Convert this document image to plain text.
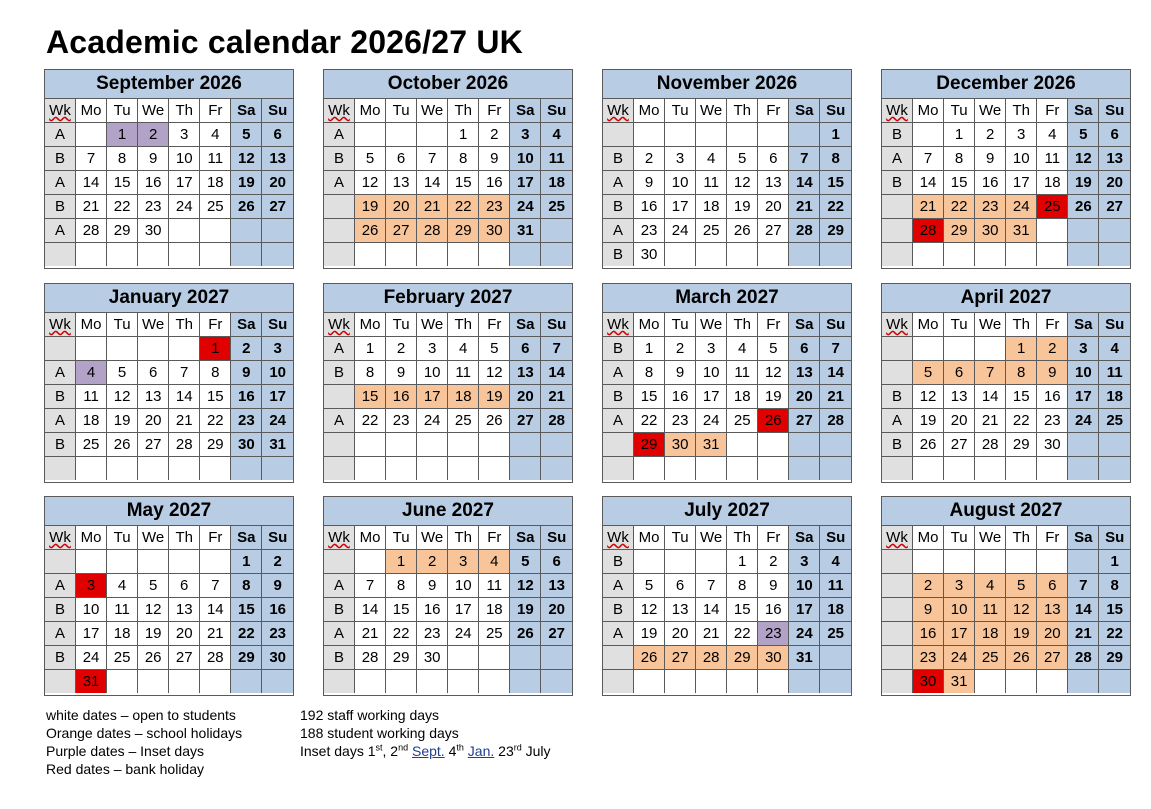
Academic calendar 2026/27 UK
September 2026
Wk	Mo	Tu	We	Th	Fr	Sa	Su
A		1	2	3	4	5	6
B	7	8	9	10	11	12	13
A	14	15	16	17	18	19	20
B	21	22	23	24	25	26	27
A	28	29	30				

October 2026
Wk	Mo	Tu	We	Th	Fr	Sa	Su
A				1	2	3	4
B	5	6	7	8	9	10	11
A	12	13	14	15	16	17	18
	19	20	21	22	23	24	25
	26	27	28	29	30	31	

November 2026
Wk	Mo	Tu	We	Th	Fr	Sa	Su
							1
B	2	3	4	5	6	7	8
A	9	10	11	12	13	14	15
B	16	17	18	19	20	21	22
A	23	24	25	26	27	28	29
B	30						
December 2026
Wk	Mo	Tu	We	Th	Fr	Sa	Su
B		1	2	3	4	5	6
A	7	8	9	10	11	12	13
B	14	15	16	17	18	19	20
	21	22	23	24	25	26	27
	28	29	30	31			

January 2027
Wk	Mo	Tu	We	Th	Fr	Sa	Su
					1	2	3
A	4	5	6	7	8	9	10
B	11	12	13	14	15	16	17
A	18	19	20	21	22	23	24
B	25	26	27	28	29	30	31

February 2027
Wk	Mo	Tu	We	Th	Fr	Sa	Su
A	1	2	3	4	5	6	7
B	8	9	10	11	12	13	14
	15	16	17	18	19	20	21
A	22	23	24	25	26	27	28

March 2027
Wk	Mo	Tu	We	Th	Fr	Sa	Su
B	1	2	3	4	5	6	7
A	8	9	10	11	12	13	14
B	15	16	17	18	19	20	21
A	22	23	24	25	26	27	28
	29	30	31				

April 2027
Wk	Mo	Tu	We	Th	Fr	Sa	Su
				1	2	3	4
	5	6	7	8	9	10	11
B	12	13	14	15	16	17	18
A	19	20	21	22	23	24	25
B	26	27	28	29	30		

May 2027
Wk	Mo	Tu	We	Th	Fr	Sa	Su
						1	2
A	3	4	5	6	7	8	9
B	10	11	12	13	14	15	16
A	17	18	19	20	21	22	23
B	24	25	26	27	28	29	30
	31						
June 2027
Wk	Mo	Tu	We	Th	Fr	Sa	Su
		1	2	3	4	5	6
A	7	8	9	10	11	12	13
B	14	15	16	17	18	19	20
A	21	22	23	24	25	26	27
B	28	29	30				

July 2027
Wk	Mo	Tu	We	Th	Fr	Sa	Su
B				1	2	3	4
A	5	6	7	8	9	10	11
B	12	13	14	15	16	17	18
A	19	20	21	22	23	24	25
	26	27	28	29	30	31	

August 2027
Wk	Mo	Tu	We	Th	Fr	Sa	Su
							1
	2	3	4	5	6	7	8
	9	10	11	12	13	14	15
	16	17	18	19	20	21	22
	23	24	25	26	27	28	29
	30	31					
white dates – open to students
Orange dates – school holidays
Purple dates – Inset days
Red dates – bank holiday
192 staff working days
188 student working days
Inset days 1st, 2nd Sept. 4th Jan. 23rd July
